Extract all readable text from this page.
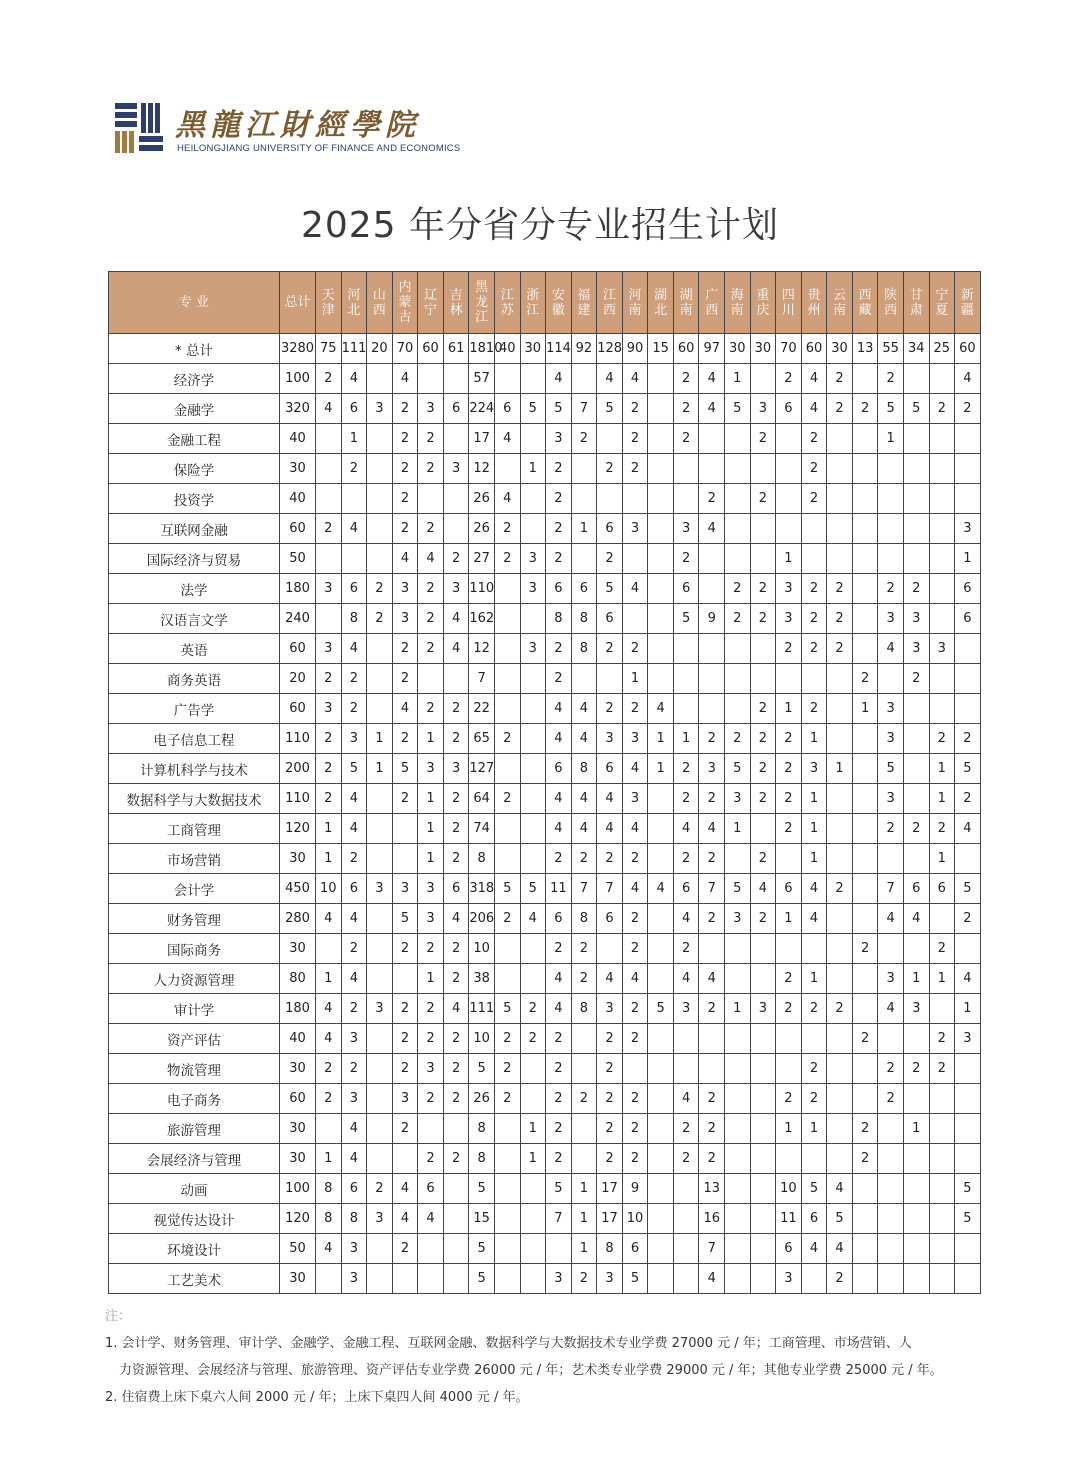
黑龍江財經學院
HEILONGJIANG UNIVERSITY OF FINANCE AND ECONOMICS
2025 年分省分专业招生计划
专 业	总计	天津	河北	山西	内蒙古	辽宁	吉林	黑龙江	江苏	浙江	安徽	福建	江西	河南	湖北	湖南	广西	海南	重庆	四川	贵州	云南	西藏	陕西	甘肃	宁夏	新疆
* 总计	3280	75	111	20	70	60	61	1810	40	30	114	92	128	90	15	60	97	30	30	70	60	30	13	55	34	25	60
经济学	100	2	4		4			57			4		4	4		2	4	1		2	4	2		2			4
金融学	320	4	6	3	2	3	6	224	6	5	5	7	5	2		2	4	5	3	6	4	2	2	5	5	2	2
金融工程	40		1		2	2		17	4		3	2		2		2			2		2			1			
保险学	30		2		2	2	3	12		1	2		2	2							2						
投资学	40				2			26	4		2						2		2		2						
互联网金融	60	2	4		2	2		26	2		2	1	6	3		3	4										3
国际经济与贸易	50				4	4	2	27	2	3	2		2			2				1							1
法学	180	3	6	2	3	2	3	110		3	6	6	5	4		6		2	2	3	2	2		2	2		6
汉语言文学	240		8	2	3	2	4	162			8	8	6			5	9	2	2	3	2	2		3	3		6
英语	60	3	4		2	2	4	12		3	2	8	2	2						2	2	2		4	3	3	
商务英语	20	2	2		2			7			2			1									2		2		
广告学	60	3	2		4	2	2	22			4	4	2	2	4				2	1	2		1	3			
电子信息工程	110	2	3	1	2	1	2	65	2		4	4	3	3	1	1	2	2	2	2	1			3		2	2
计算机科学与技术	200	2	5	1	5	3	3	127			6	8	6	4	1	2	3	5	2	2	3	1		5		1	5
数据科学与大数据技术	110	2	4		2	1	2	64	2		4	4	4	3		2	2	3	2	2	1			3		1	2
工商管理	120	1	4			1	2	74			4	4	4	4		4	4	1		2	1			2	2	2	4
市场营销	30	1	2			1	2	8			2	2	2	2		2	2		2		1					1	
会计学	450	10	6	3	3	3	6	318	5	5	11	7	7	4	4	6	7	5	4	6	4	2		7	6	6	5
财务管理	280	4	4		5	3	4	206	2	4	6	8	6	2		4	2	3	2	1	4			4	4		2
国际商务	30		2		2	2	2	10			2	2		2		2							2			2	
人力资源管理	80	1	4			1	2	38			4	2	4	4		4	4			2	1			3	1	1	4
审计学	180	4	2	3	2	2	4	111	5	2	4	8	3	2	5	3	2	1	3	2	2	2		4	3		1
资产评估	40	4	3		2	2	2	10	2	2	2		2	2									2			2	3
物流管理	30	2	2		2	3	2	5	2		2		2								2			2	2	2	
电子商务	60	2	3		3	2	2	26	2		2	2	2	2		4	2			2	2			2			
旅游管理	30		4		2			8		1	2		2	2		2	2			1	1		2		1		
会展经济与管理	30	1	4			2	2	8		1	2		2	2		2	2						2				
动画	100	8	6	2	4	6		5			5	1	17	9			13			10	5	4					5
视觉传达设计	120	8	8	3	4	4		15			7	1	17	10			16			11	6	5					5
环境设计	50	4	3		2			5				1	8	6			7			6	4	4					
工艺美术	30		3					5			3	2	3	5			4			3		2					
注：
1. 会计学、财务管理、审计学、金融学、金融工程、互联网金融、数据科学与大数据技术专业学费 27000 元 / 年；工商管理、市场营销、人
力资源管理、会展经济与管理、旅游管理、资产评估专业学费 26000 元 / 年；艺术类专业学费 29000 元 / 年；其他专业学费 25000 元 / 年。
2. 住宿费上床下桌六人间 2000 元 / 年；上床下桌四人间 4000 元 / 年。
